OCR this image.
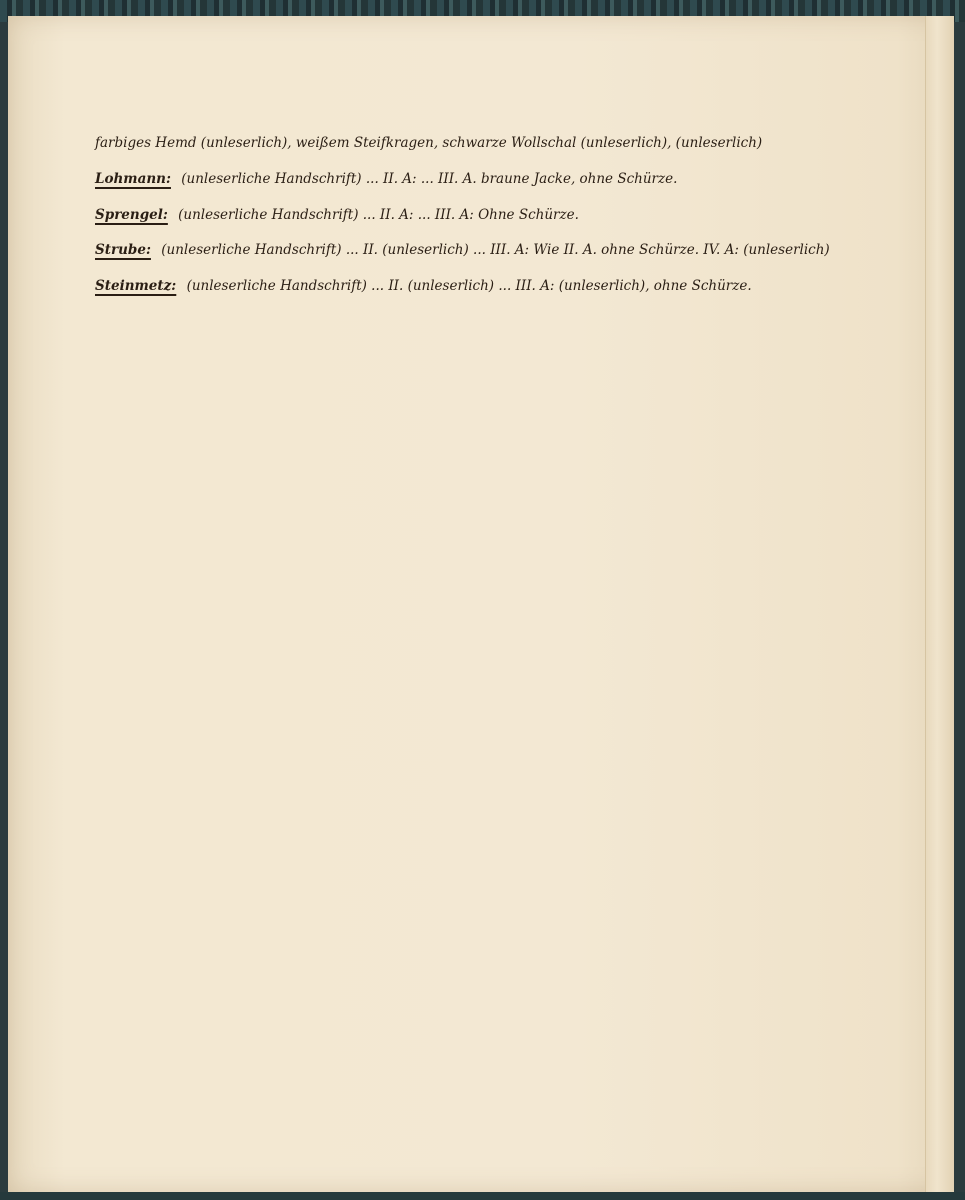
farbiges Hemd (unleserlich), weißem Steifkragen, schwarze Wollschal (unleserlich), (unleserlich)
Lohmann: (unleserliche Handschrift) ... II. A: ... III. A. braune Jacke, ohne Schürze.
Sprengel: (unleserliche Handschrift) ... II. A: ... III. A: Ohne Schürze.
Strube: (unleserliche Handschrift) ... II. (unleserlich) ... III. A: Wie II. A. ohne Schürze. IV. A: (unleserlich)
Steinmetz: (unleserliche Handschrift) ... II. (unleserlich) ... III. A: (unleserlich), ohne Schürze.
